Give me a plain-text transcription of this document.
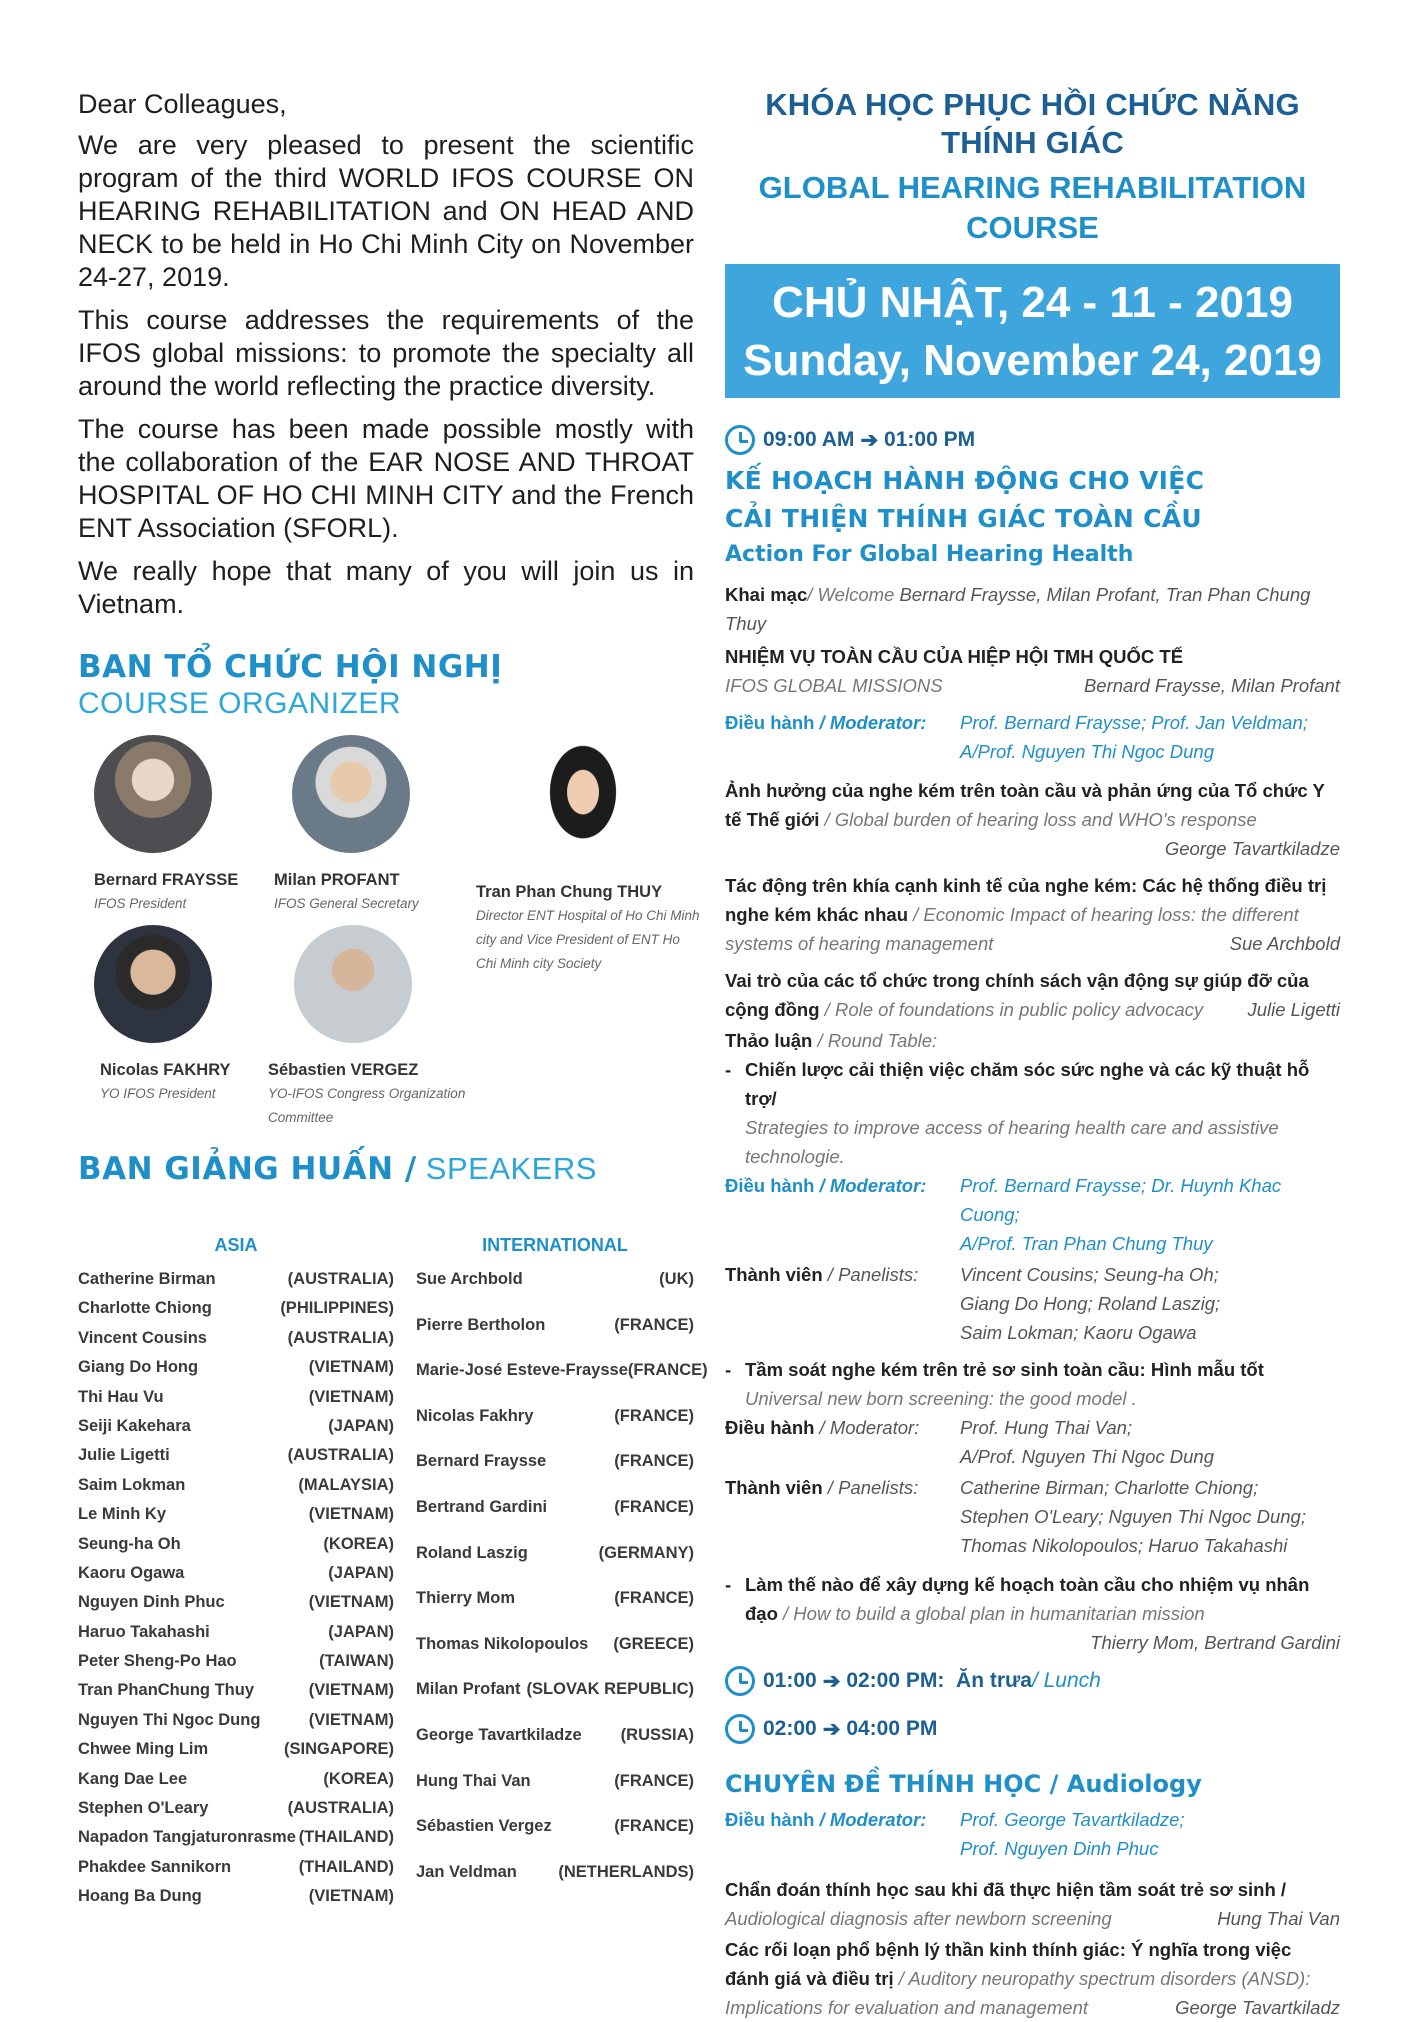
Dear Colleagues,

We are very pleased to present the scientific program of the third WORLD IFOS COURSE ON HEARING REHABILITATION and ON HEAD AND NECK to be held in Ho Chi Minh City on November 24-27, 2019.

This course addresses the requirements of the IFOS global missions: to promote the specialty all around the world reflecting the practice diversity.

The course has been made possible mostly with the collaboration of the EAR NOSE AND THROAT HOSPITAL OF HO CHI MINH CITY and the French ENT Association (SFORL).

We really hope that many of you will join us in Vietnam.

BAN TỔ CHỨC HỘI NGHỊ
COURSE ORGANIZER
Bernard FRAYSSE
IFOS President
Milan PROFANT
IFOS General Secretary
Tran Phan Chung THUY
Director ENT Hospital of Ho Chi Minh city and Vice President of ENT Ho Chi Minh city Society
Nicolas FAKHRY
YO IFOS President
Sébastien VERGEZ
YO-IFOS Congress Organization Committee
BAN GIẢNG HUẤN / SPEAKERS
ASIA
Catherine Birman	(AUSTRALIA)
Charlotte Chiong	(PHILIPPINES)
Vincent Cousins	(AUSTRALIA)
Giang Do Hong	(VIETNAM)
Thi Hau Vu	(VIETNAM)
Seiji Kakehara	(JAPAN)
Julie Ligetti	(AUSTRALIA)
Saim Lokman	(MALAYSIA)
Le Minh Ky	(VIETNAM)
Seung-ha Oh	(KOREA)
Kaoru Ogawa	(JAPAN)
Nguyen Dinh Phuc	(VIETNAM)
Haruo Takahashi	(JAPAN)
Peter Sheng-Po Hao	(TAIWAN)
Tran PhanChung Thuy	(VIETNAM)
Nguyen Thi Ngoc Dung	(VIETNAM)
Chwee Ming Lim	(SINGAPORE)
Kang Dae Lee	(KOREA)
Stephen O'Leary	(AUSTRALIA)
Napadon Tangjaturonrasme (THAILAND)
Phakdee Sannikorn	(THAILAND)
Hoang Ba Dung	(VIETNAM)
INTERNATIONAL
Sue Archbold	(UK)
Pierre Bertholon	(FRANCE)
Marie-José Esteve-Fraysse (FRANCE)
Nicolas Fakhry	(FRANCE)
Bernard Fraysse	(FRANCE)
Bertrand Gardini	(FRANCE)
Roland Laszig	(GERMANY)
Thierry Mom	(FRANCE)
Thomas Nikolopoulos (GREECE)
Milan Profant (SLOVAK REPUBLIC)
George Tavartkiladze (RUSSIA)
Hung Thai Van	(FRANCE)
Sébastien Vergez	(FRANCE)
Jan Veldman	(NETHERLANDS)
KHÓA HỌC PHỤC HỒI CHỨC NĂNG THÍNH GIÁC
GLOBAL HEARING REHABILITATION COURSE
CHỦ NHẬT, 24 - 11 - 2019
Sunday, November 24, 2019
09:00 AM ➔ 01:00 PM
KẾ HOẠCH HÀNH ĐỘNG CHO VIỆC
CẢI THIỆN THÍNH GIÁC TOÀN CẦU
Action For Global Hearing Health
Khai mạc/ Welcome Bernard Fraysse, Milan Profant, Tran Phan Chung Thuy
NHIỆM VỤ TOÀN CẦU CỦA HIỆP HỘI TMH QUỐC TẾ
IFOS GLOBAL MISSIONS	Bernard Fraysse, Milan Profant
Điều hành / Moderator:	Prof. Bernard Fraysse; Prof. Jan Veldman;
A/Prof. Nguyen Thi Ngoc Dung
Ảnh hưởng của nghe kém trên toàn cầu và phản ứng của Tổ chức Y tế Thế giới / Global burden of hearing loss and WHO's response
George Tavartkiladze
Tác động trên khía cạnh kinh tế của nghe kém: Các hệ thống điều trị nghe kém khác nhau / Economic Impact of hearing loss: the different systems of hearing management	Sue Archbold
Vai trò của các tổ chức trong chính sách vận động sự giúp đỡ của cộng đồng / Role of foundations in public policy advocacy	Julie Ligetti
Thảo luận / Round Table:
- Chiến lược cải thiện việc chăm sóc sức nghe và các kỹ thuật hỗ trợ/
Strategies to improve access of hearing health care and assistive technologie.
Điều hành / Moderator:	Prof. Bernard Fraysse; Dr. Huynh Khac Cuong;
A/Prof. Tran Phan Chung Thuy
Thành viên / Panelists:	Vincent Cousins; Seung-ha Oh;
Giang Do Hong; Roland Laszig;
Saim Lokman; Kaoru Ogawa
- Tầm soát nghe kém trên trẻ sơ sinh toàn cầu: Hình mẫu tốt
Universal new born screening: the good model .
Điều hành / Moderator:	Prof. Hung Thai Van;
A/Prof. Nguyen Thi Ngoc Dung
Thành viên / Panelists:	Catherine Birman; Charlotte Chiong;
Stephen O'Leary; Nguyen Thi Ngoc Dung;
Thomas Nikolopoulos; Haruo Takahashi
- Làm thế nào để xây dựng kế hoạch toàn cầu cho nhiệm vụ nhân đạo / How to build a global plan in humanitarian mission
Thierry Mom, Bertrand Gardini
01:00 ➔ 02:00 PM:
Ăn trưa / Lunch
02:00 ➔ 04:00 PM
CHUYÊN ĐỀ THÍNH HỌC / Audiology
Điều hành / Moderator:	Prof. George Tavartkiladze;
Prof. Nguyen Dinh Phuc
Chẩn đoán thính học sau khi đã thực hiện tầm soát trẻ sơ sinh /
Audiological diagnosis after newborn screening	Hung Thai Van
Các rối loạn phổ bệnh lý thần kinh thính giác: Ý nghĩa trong việc đánh giá và điều trị / Auditory neuropathy spectrum disorders (ANSD): Implications for evaluation and management	George Tavartkiladz
